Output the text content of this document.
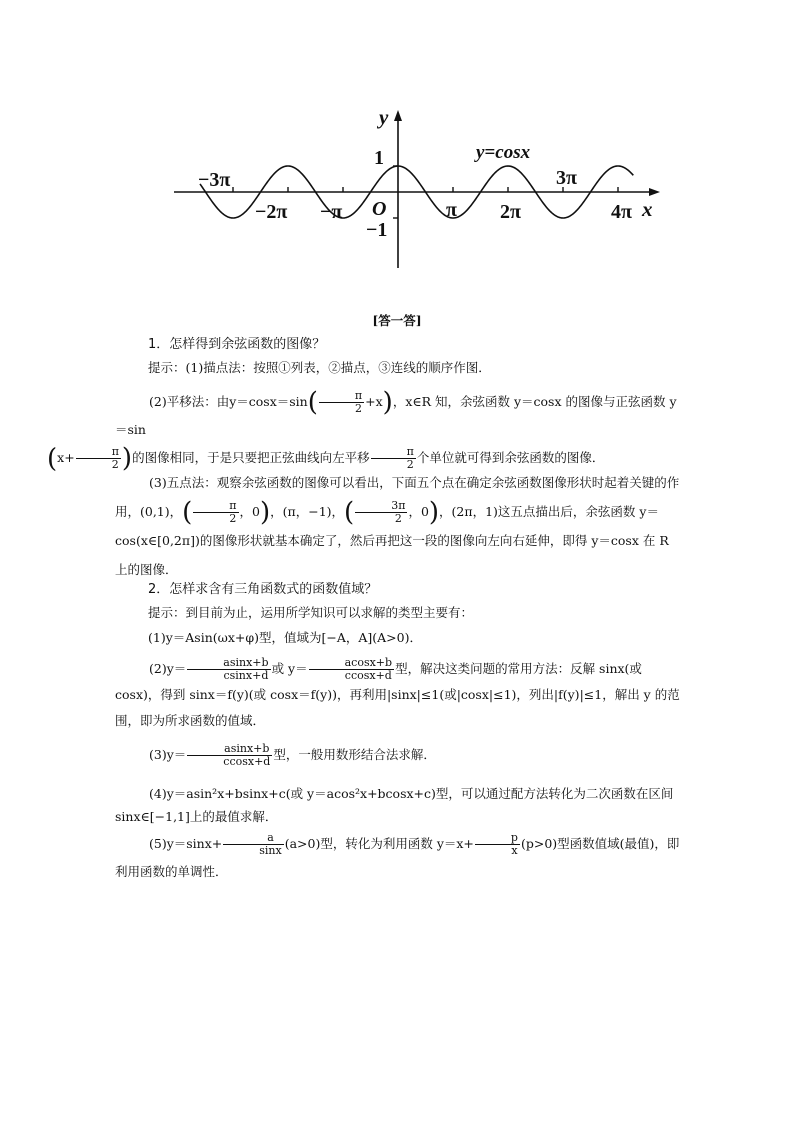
y
x
1
−1
O
y=cosx
−3π
−2π −π	π 2π
3π
4π
[答一答]
1．怎样得到余弦函数的图像？
提示：(1)描点法：按照①列表，②描点，③连线的顺序作图．
(2)平移法：由$y=\cos x=\sin( \frac{\pi}{2} +x)$，x∈R 知，余弦函数 y＝cosx 的图像与正弦函数 y＝sin
($x+ \frac{\pi}{2}$ )的图像相同，于是只要把正弦曲线向左平移 $\frac{\pi}{2}$ 个单位就可得到余弦函数的图像．
(3)五点法：观察余弦函数的图像可以看出，下面五个点在确定余弦函数图像形状时起着关键的作用，(0,1)，( $\frac{\pi}{2}$ ，0)，(π，−1)，( $\frac{3\pi}{2}$ ，0)，(2π，1)这五点描出后，余弦函数 y＝cos(x∈[0,2π])的图像形状就基本确定了，然后再把这一段的图像向左向右延伸，即得 y＝cosx 在 R 上的图像．
2．怎样求含有三角函数式的函数值域？
提示：到目前为止，运用所学知识可以求解的类型主要有：
(1)y＝Asin(ωx+φ)型，值域为[−A，A](A>0)．
$(2)y= \frac{asinx+b}{csinx+d}$ 或 $y= \frac{acosx+b}{ccosx+d}$ 型，解决这类问题的常用方法：反解 sinx(或 cosx)，得到 sinx＝f(y)(或 cosx＝f(y))，再利用|sinx|≤1(或|cosx|≤1)，列出|f(y)|≤1，解出 y 的范围，即为所求函数的值域．
$(3)y= \frac{asinx+b}{ccosx+d}$ 型，一般用数形结合法求解．
(4)y＝asin²x+bsinx+c(或 y＝acos²x+bcosx+c)型，可以通过配方法转化为二次函数在区间 sinx∈[−1,1]上的最值求解．
$(5)y=\sin x+ \frac{a}{\sin x} (a>0)$型，转化为利用函数 $y=x+ \frac{p}{x} (p>0)$型函数值域(最值)，即利用函数的单调性．
